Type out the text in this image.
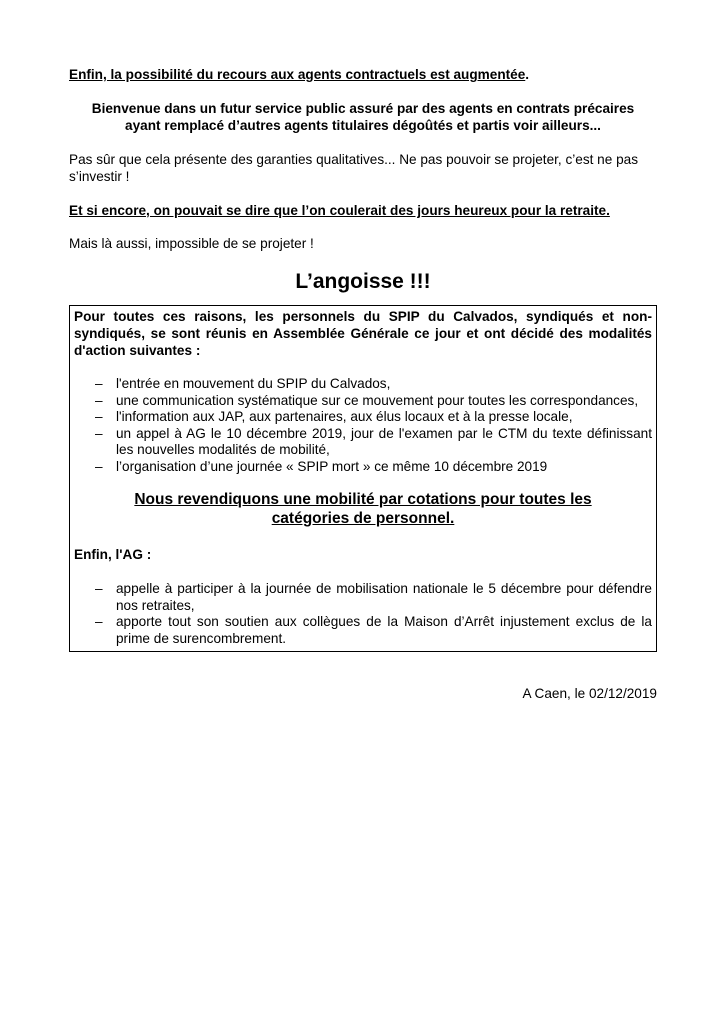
Enfin, la possibilité du recours aux agents contractuels est augmentée.

Bienvenue dans un futur service public assuré par des agents en contrats précaires
ayant remplacé d’autres agents titulaires dégoûtés et partis voir ailleurs...

Pas sûr que cela présente des garanties qualitatives... Ne pas pouvoir se projeter, c’est ne pas s’investir !

Et si encore, on pouvait se dire que l’on coulerait des jours heureux pour la retraite.

Mais là aussi, impossible de se projeter !

L’angoisse !!!

Pour toutes ces raisons, les personnels du SPIP du Calvados, syndiqués et non-syndiqués, se sont réunis en Assemblée Générale ce jour et ont décidé des modalités d'action suivantes :

– l'entrée en mouvement du SPIP du Calvados,
– une communication systématique sur ce mouvement pour toutes les correspondances,
– l'information aux JAP, aux partenaires, aux élus locaux et à la presse locale,
– un appel à AG le 10 décembre 2019, jour de l'examen par le CTM du texte définissant les nouvelles modalités de mobilité,
– l’organisation d’une journée « SPIP mort » ce même 10 décembre 2019

Nous revendiquons une mobilité par cotations pour toutes les
catégories de personnel.

Enfin, l'AG :

– appelle à participer à la journée de mobilisation nationale le 5 décembre pour défendre nos retraites,
– apporte tout son soutien aux collègues de la Maison d’Arrêt injustement exclus de la prime de surencombrement.

A Caen, le 02/12/2019
